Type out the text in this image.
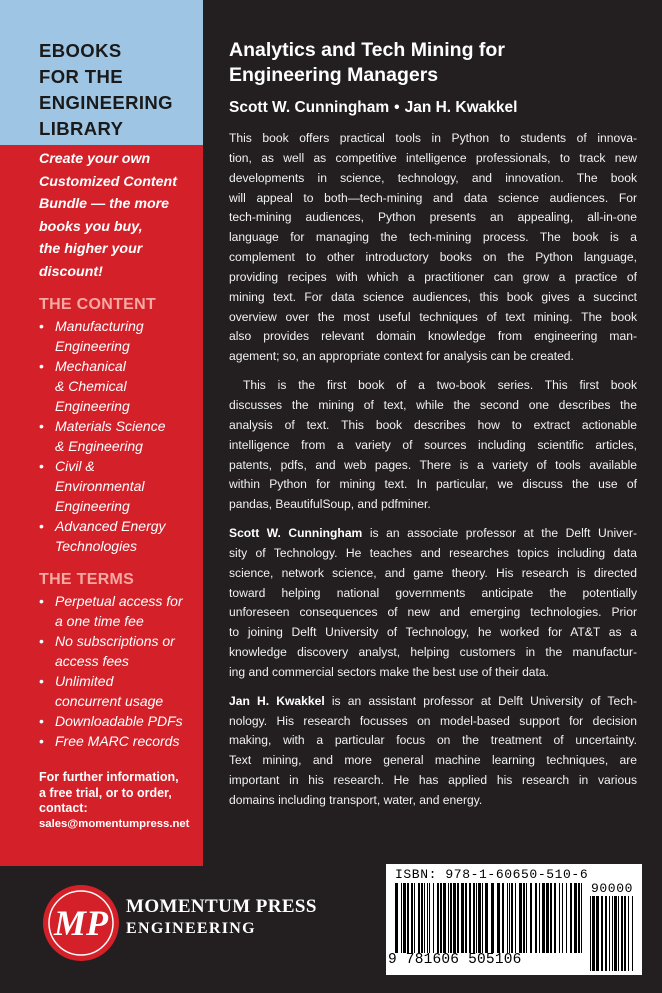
EBOOKS
FOR THE
ENGINEERING
LIBRARY
Create your own
Customized Content
Bundle — the more
books you buy,
the higher your
discount!
THE CONTENT
• Manufacturing
Engineering
• Mechanical
& Chemical
Engineering
• Materials Science
& Engineering
• Civil &
Environmental
Engineering
• Advanced Energy
Technologies
THE TERMS
• Perpetual access for
a one time fee
• No subscriptions or
access fees
• Unlimited
concurrent usage
• Downloadable PDFs
• Free MARC records
For further information,
a free trial, or to order,
contact:
sales@momentumpress.net
Analytics and Tech Mining for
Engineering Managers
Scott W. Cunningham • Jan H. Kwakkel

This book offers practical tools in Python to students of innova-
tion, as well as competitive intelligence professionals, to track new
developments in science, technology, and innovation. The book
will appeal to both—tech-mining and data science audiences. For
tech-mining audiences, Python presents an appealing, all-in-one
language for managing the tech-mining process. The book is a
complement to other introductory books on the Python language,
providing recipes with which a practitioner can grow a practice of
mining text. For data science audiences, this book gives a succinct
overview over the most useful techniques of text mining. The book
also provides relevant domain knowledge from engineering man-
agement; so, an appropriate context for analysis can be created.

This is the first book of a two-book series. This first book
discusses the mining of text, while the second one describes the
analysis of text. This book describes how to extract actionable
intelligence from a variety of sources including scientific articles,
patents, pdfs, and web pages. There is a variety of tools available
within Python for mining text. In particular, we discuss the use of
pandas, BeautifulSoup, and pdfminer.

Scott W. Cunningham is an associate professor at the Delft Univer-
sity of Technology. He teaches and researches topics including data
science, network science, and game theory. His research is directed
toward helping national governments anticipate the potentially
unforeseen consequences of new and emerging technologies. Prior
to joining Delft University of Technology, he worked for AT&T as a
knowledge discovery analyst, helping customers in the manufactur-
ing and commercial sectors make the best use of their data.

Jan H. Kwakkel is an assistant professor at Delft University of Tech-
nology. His research focusses on model-based support for decision
making, with a particular focus on the treatment of uncertainty.
Text mining, and more general machine learning techniques, are
important in his research. He has applied his research in various
domains including transport, water, and energy.

MP MOMENTUM PRESS
ENGINEERING
ISBN: 978-1-60650-510-6
90000
9 781606 505106
